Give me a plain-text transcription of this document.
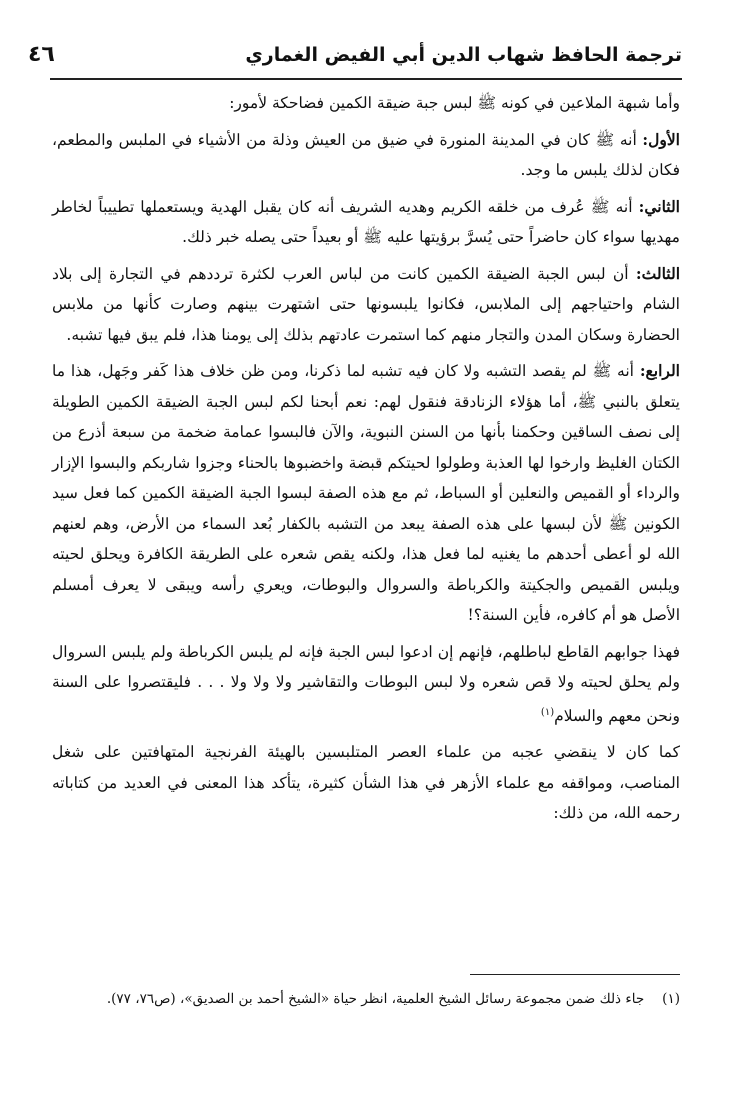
ترجمة الحافظ شهاب الدين أبي الفيض الغماري
٤٦

وأما شبهة الملاعين في كونه ﷺ لبس جبة ضيقة الكمين فضاحكة لأمور:

الأول: أنه ﷺ كان في المدينة المنورة في ضيق من العيش وذلة من الأشياء في الملبس والمطعم، فكان لذلك يلبس ما وجد.

الثاني: أنه ﷺ عُرف من خلقه الكريم وهديه الشريف أنه كان يقبل الهدية ويستعملها تطييباً لخاطر مهديها سواء كان حاضراً حتى يُسرَّ برؤيتها عليه ﷺ أو بعيداً حتى يصله خبر ذلك.

الثالث: أن لبس الجبة الضيقة الكمين كانت من لباس العرب لكثرة ترددهم في التجارة إلى بلاد الشام واحتياجهم إلى الملابس، فكانوا يلبسونها حتى اشتهرت بينهم وصارت كأنها من ملابس الحضارة وسكان المدن والتجار منهم كما استمرت عادتهم بذلك إلى يومنا هذا، فلم يبق فيها تشبه.

الرابع: أنه ﷺ لم يقصد التشبه ولا كان فيه تشبه لما ذكرنا، ومن ظن خلاف هذا كَفر وجَهل، هذا ما يتعلق بالنبي ﷺ، أما هؤلاء الزنادقة فنقول لهم: نعم أبحنا لكم لبس الجبة الضيقة الكمين الطويلة إلى نصف الساقين وحكمنا بأنها من السنن النبوية، والآن فالبسوا عمامة ضخمة من سبعة أذرع من الكتان الغليظ وارخوا لها العذبة وطولوا لحيتكم قبضة واخضبوها بالحناء وجزوا شاربكم والبسوا الإزار والرداء أو القميص والنعلين أو السباط، ثم مع هذه الصفة لبسوا الجبة الضيقة الكمين كما فعل سيد الكونين ﷺ لأن لبسها على هذه الصفة يبعد من التشبه بالكفار بُعد السماء من الأرض، وهم لعنهم الله لو أعطى أحدهم ما يغنيه لما فعل هذا، ولكنه يقص شعره على الطريقة الكافرة ويحلق لحيته ويلبس القميص والجكيتة والكرباطة والسروال والبوطات، ويعري رأسه ويبقى لا يعرف أمسلم الأصل هو أم كافره، فأين السنة؟!

فهذا جوابهم القاطع لباطلهم، فإنهم إن ادعوا لبس الجبة فإنه لم يلبس الكرباطة ولم يلبس السروال ولم يحلق لحيته ولا قص شعره ولا لبس البوطات والتقاشير ولا ولا ولا . . . فليقتصروا على السنة ونحن معهم والسلام$^{(١)}$

كما كان لا ينقضي عجبه من علماء العصر المتلبسين بالهيئة الفرنجية المتهافتين على شغل المناصب، ومواقفه مع علماء الأزهر في هذا الشأن كثيرة، يتأكد هذا المعنى في العديد من كتاباته رحمه الله، من ذلك:

(١)جاء ذلك ضمن مجموعة رسائل الشيخ العلمية، انظر حياة «الشيخ أحمد بن الصديق»، (ص٧٦، ٧٧).
